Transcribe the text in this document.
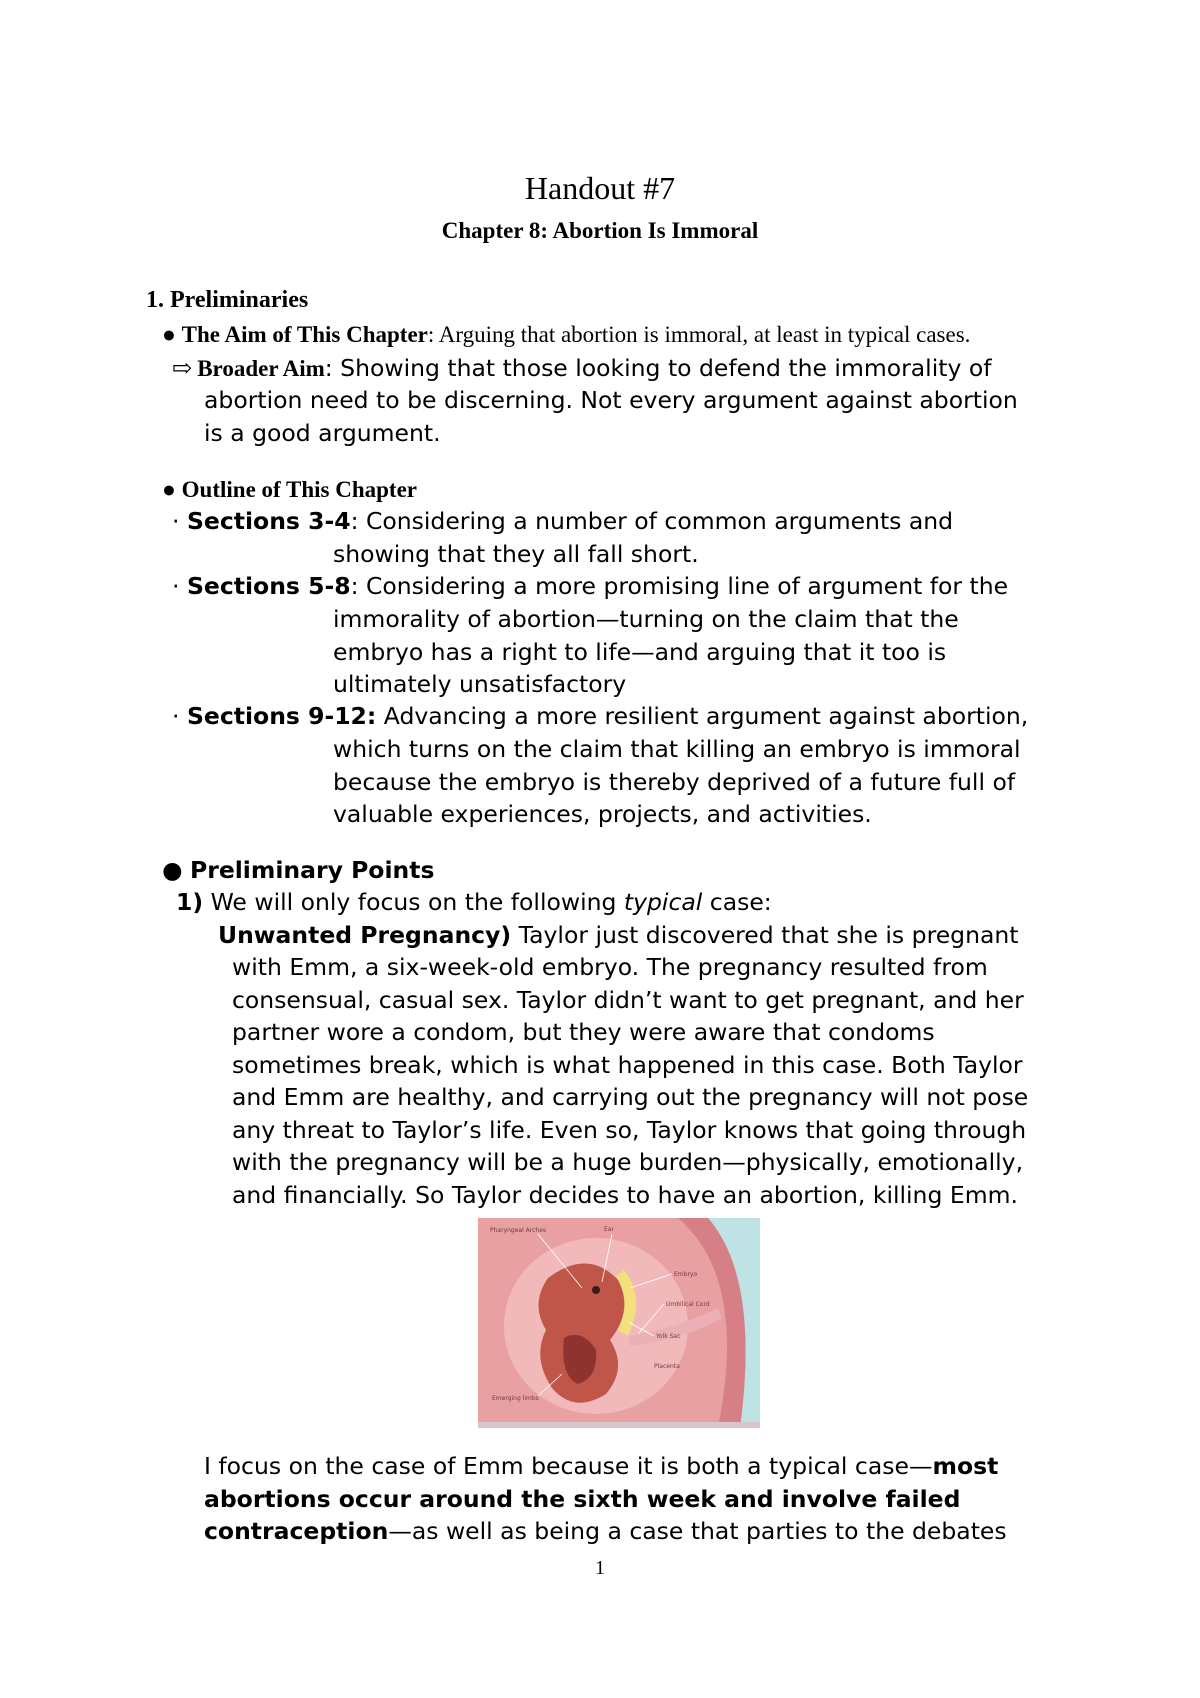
Handout #7
Chapter 8: Abortion Is Immoral
1. Preliminaries
● The Aim of This Chapter: Arguing that abortion is immoral, at least in typical cases.
⇨ Broader Aim: Showing that those looking to defend the immorality of

abortion need to be discerning. Not every argument against abortion

is a good argument.

● Outline of This Chapter
· Sections 3-4: Considering a number of common arguments and

showing that they all fall short.

· Sections 5-8: Considering a more promising line of argument for the

immorality of abortion—turning on the claim that the

embryo has a right to life—and arguing that it too is

ultimately unsatisfactory

· Sections 9-12: Advancing a more resilient argument against abortion,

which turns on the claim that killing an embryo is immoral

because the embryo is thereby deprived of a future full of

valuable experiences, projects, and activities.

● Preliminary Points
1) We will only focus on the following typical case:
Unwanted Pregnancy) Taylor just discovered that she is pregnant

with Emm, a six-week-old embryo. The pregnancy resulted from

consensual, casual sex. Taylor didn’t want to get pregnant, and her

partner wore a condom, but they were aware that condoms

sometimes break, which is what happened in this case. Both Taylor

and Emm are healthy, and carrying out the pregnancy will not pose

any threat to Taylor’s life. Even so, Taylor knows that going through

with the pregnancy will be a huge burden—physically, emotionally,

and financially. So Taylor decides to have an abortion, killing Emm.

Pharyngeal Arches	Ear
Embryo
Umbilical Cord
Yolk Sac
Placenta
Emerging limbs

I focus on the case of Emm because it is both a typical case—most

abortions occur around the sixth week and involve failed

contraception—as well as being a case that parties to the debates

1
